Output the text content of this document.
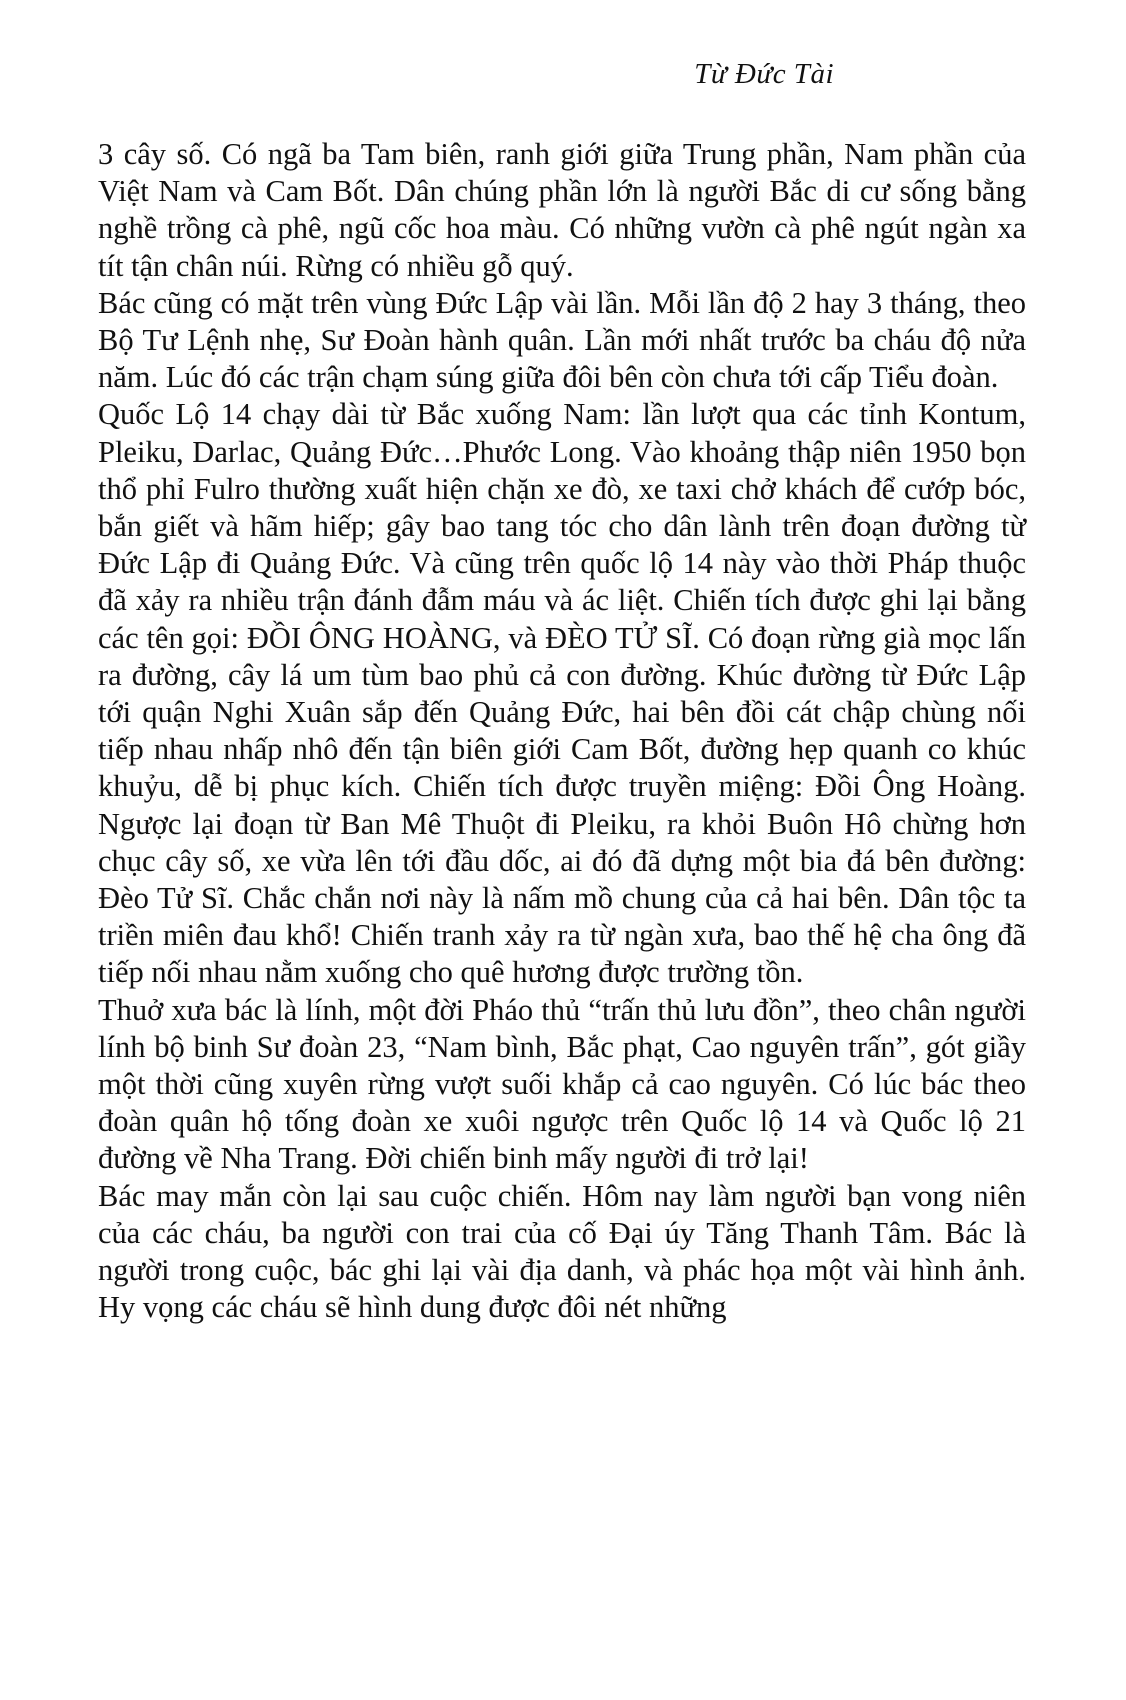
Từ Đức Tài

3 cây số. Có ngã ba Tam biên, ranh giới giữa Trung phần, Nam phần của Việt Nam và Cam Bốt. Dân chúng phần lớn là người Bắc di cư sống bằng nghề trồng cà phê, ngũ cốc hoa màu. Có những vườn cà phê ngút ngàn xa tít tận chân núi. Rừng có nhiều gỗ quý.

Bác cũng có mặt trên vùng Đức Lập vài lần. Mỗi lần độ 2 hay 3 tháng, theo Bộ Tư Lệnh nhẹ, Sư Đoàn hành quân. Lần mới nhất trước ba cháu độ nửa năm. Lúc đó các trận chạm súng giữa đôi bên còn chưa tới cấp Tiểu đoàn.

Quốc Lộ 14 chạy dài từ Bắc xuống Nam: lần lượt qua các tỉnh Kontum, Pleiku, Darlac, Quảng Đức…Phước Long. Vào khoảng thập niên 1950 bọn thổ phỉ Fulro thường xuất hiện chặn xe đò, xe taxi chở khách để cướp bóc, bắn giết và hãm hiếp; gây bao tang tóc cho dân lành trên đoạn đường từ Đức Lập đi Quảng Đức. Và cũng trên quốc lộ 14 này vào thời Pháp thuộc đã xảy ra nhiều trận đánh đẫm máu và ác liệt. Chiến tích được ghi lại bằng các tên gọi: ĐỒI ÔNG HOÀNG, và ĐÈO TỬ SĨ. Có đoạn rừng già mọc lấn ra đường, cây lá um tùm bao phủ cả con đường. Khúc đường từ Đức Lập tới quận Nghi Xuân sắp đến Quảng Đức, hai bên đồi cát chập chùng nối tiếp nhau nhấp nhô đến tận biên giới Cam Bốt, đường hẹp quanh co khúc khuỷu, dễ bị phục kích. Chiến tích được truyền miệng: Đồi Ông Hoàng. Ngược lại đoạn từ Ban Mê Thuột đi Pleiku, ra khỏi Buôn Hô chừng hơn chục cây số, xe vừa lên tới đầu dốc, ai đó đã dựng một bia đá bên đường: Đèo Tử Sĩ. Chắc chắn nơi này là nấm mồ chung của cả hai bên. Dân tộc ta triền miên đau khổ! Chiến tranh xảy ra từ ngàn xưa, bao thế hệ cha ông đã tiếp nối nhau nằm xuống cho quê hương được trường tồn.

Thuở xưa bác là lính, một đời Pháo thủ “trấn thủ lưu đồn”, theo chân người lính bộ binh Sư đoàn 23, “Nam bình, Bắc phạt, Cao nguyên trấn”, gót giầy một thời cũng xuyên rừng vượt suối khắp cả cao nguyên. Có lúc bác theo đoàn quân hộ tống đoàn xe xuôi ngược trên Quốc lộ 14 và Quốc lộ 21 đường về Nha Trang. Đời chiến binh mấy người đi trở lại!

Bác may mắn còn lại sau cuộc chiến. Hôm nay làm người bạn vong niên của các cháu, ba người con trai của cố Đại úy Tăng Thanh Tâm. Bác là người trong cuộc, bác ghi lại vài địa danh, và phác họa một vài hình ảnh. Hy vọng các cháu sẽ hình dung được đôi nét những
